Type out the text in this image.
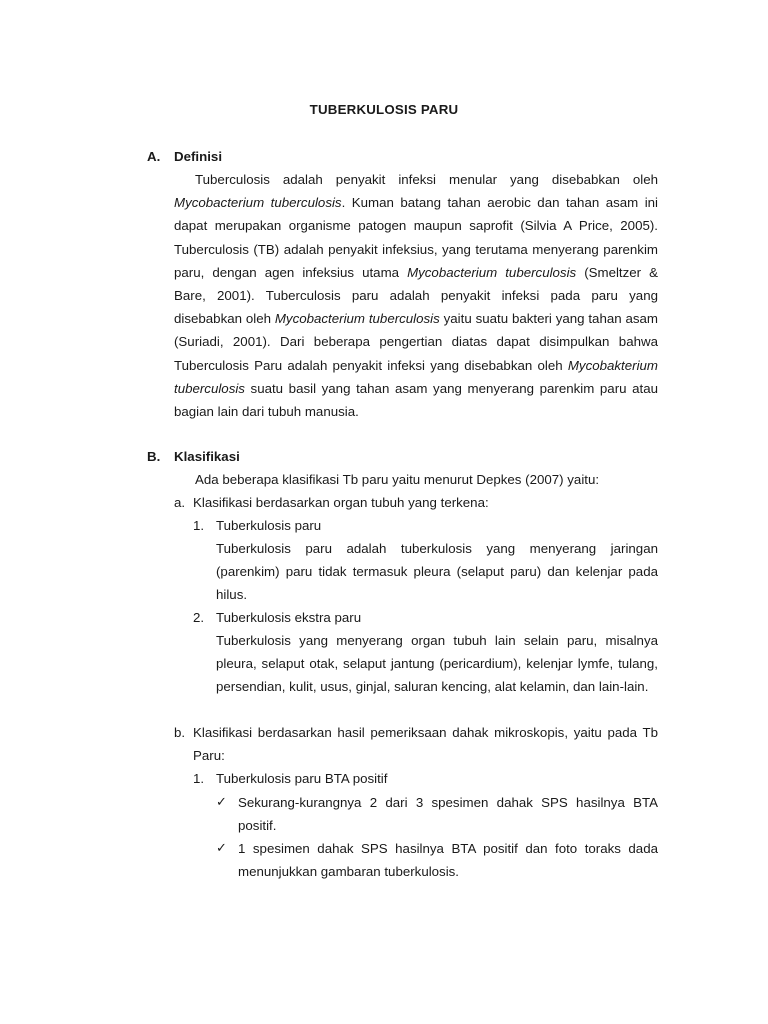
TUBERKULOSIS PARU
A. Definisi
Tuberculosis adalah penyakit infeksi menular yang disebabkan oleh Mycobacterium tuberculosis. Kuman batang tahan aerobic dan tahan asam ini dapat merupakan organisme patogen maupun saprofit (Silvia A Price, 2005). Tuberculosis (TB) adalah penyakit infeksius, yang terutama menyerang parenkim paru, dengan agen infeksius utama Mycobacterium tuberculosis (Smeltzer & Bare, 2001). Tuberculosis paru adalah penyakit infeksi pada paru yang disebabkan oleh Mycobacterium tuberculosis yaitu suatu bakteri yang tahan asam (Suriadi, 2001). Dari beberapa pengertian diatas dapat disimpulkan bahwa Tuberculosis Paru adalah penyakit infeksi yang disebabkan oleh Mycobakterium tuberculosis suatu basil yang tahan asam yang menyerang parenkim paru atau bagian lain dari tubuh manusia.
B. Klasifikasi
Ada beberapa klasifikasi Tb paru yaitu menurut Depkes (2007) yaitu:
a. Klasifikasi berdasarkan organ tubuh yang terkena:
1. Tuberkulosis paru
Tuberkulosis paru adalah tuberkulosis yang menyerang jaringan (parenkim) paru tidak termasuk pleura (selaput paru) dan kelenjar pada hilus.
2. Tuberkulosis ekstra paru
Tuberkulosis yang menyerang organ tubuh lain selain paru, misalnya pleura, selaput otak, selaput jantung (pericardium), kelenjar lymfe, tulang, persendian, kulit, usus, ginjal, saluran kencing, alat kelamin, dan lain-lain.
b. Klasifikasi berdasarkan hasil pemeriksaan dahak mikroskopis, yaitu pada Tb Paru:
1. Tuberkulosis paru BTA positif
✓ Sekurang-kurangnya 2 dari 3 spesimen dahak SPS hasilnya BTA positif.
✓ 1 spesimen dahak SPS hasilnya BTA positif dan foto toraks dada menunjukkan gambaran tuberkulosis.
